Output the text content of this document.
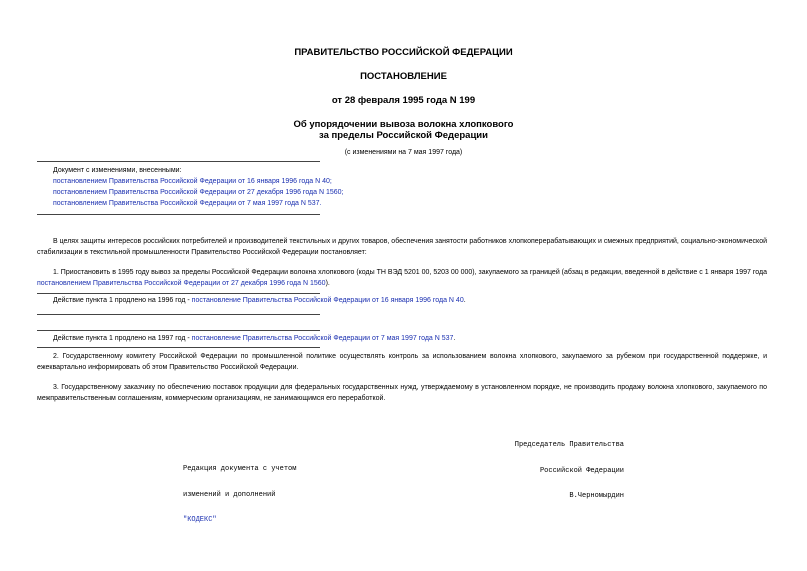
ПРАВИТЕЛЬСТВО РОССИЙСКОЙ ФЕДЕРАЦИИ
ПОСТАНОВЛЕНИЕ
от 28 февраля 1995 года N 199
Об упорядочении вывоза волокна хлопкового
за пределы Российской Федерации
(с изменениями на 7 мая 1997 года)
Документ с изменениями, внесенными:
постановлением Правительства Российской Федерации от 16 января 1996 года N 40;
постановлением Правительства Российской Федерации от 27 декабря 1996 года N 1560;
постановлением Правительства Российской Федерации от 7 мая 1997 года N 537.
В целях защиты интересов российских потребителей и производителей текстильных и других товаров, обеспечения занятости работников хлопкоперерабатывающих и смежных предприятий, социально-экономической стабилизации в текстильной промышленности Правительство Российской Федерации постановляет:
1. Приостановить в 1995 году вывоз за пределы Российской Федерации волокна хлопкового (коды ТН ВЭД 5201 00, 5203 00 000), закупаемого за границей (абзац в редакции, введенной в действие с 1 января 1997 года постановлением Правительства Российской Федерации от 27 декабря 1996 года N 1560).
Действие пункта 1 продлено на 1996 год - постановление Правительства Российской Федерации от 16 января 1996 года N 40.
Действие пункта 1 продлено на 1997 год - постановление Правительства Российской Федерации от 7 мая 1997 года N 537.
2. Государственному комитету Российской Федерации по промышленной политике осуществлять контроль за использованием волокна хлопкового, закупаемого за рубежом при государственной поддержке, и ежеквартально информировать об этом Правительство Российской Федерации.
3. Государственному заказчику по обеспечению поставок продукции для федеральных государственных нужд, утверждаемому в установленном порядке, не производить продажу волокна хлопкового, закупаемого по межправительственным соглашениям, коммерческим организациям, не занимающимся его переработкой.

Председатель Правительства

Российской Федерации

В.Черномырдин

Редакция документа с учетом

изменений и дополнений

"КОДЕКС"
